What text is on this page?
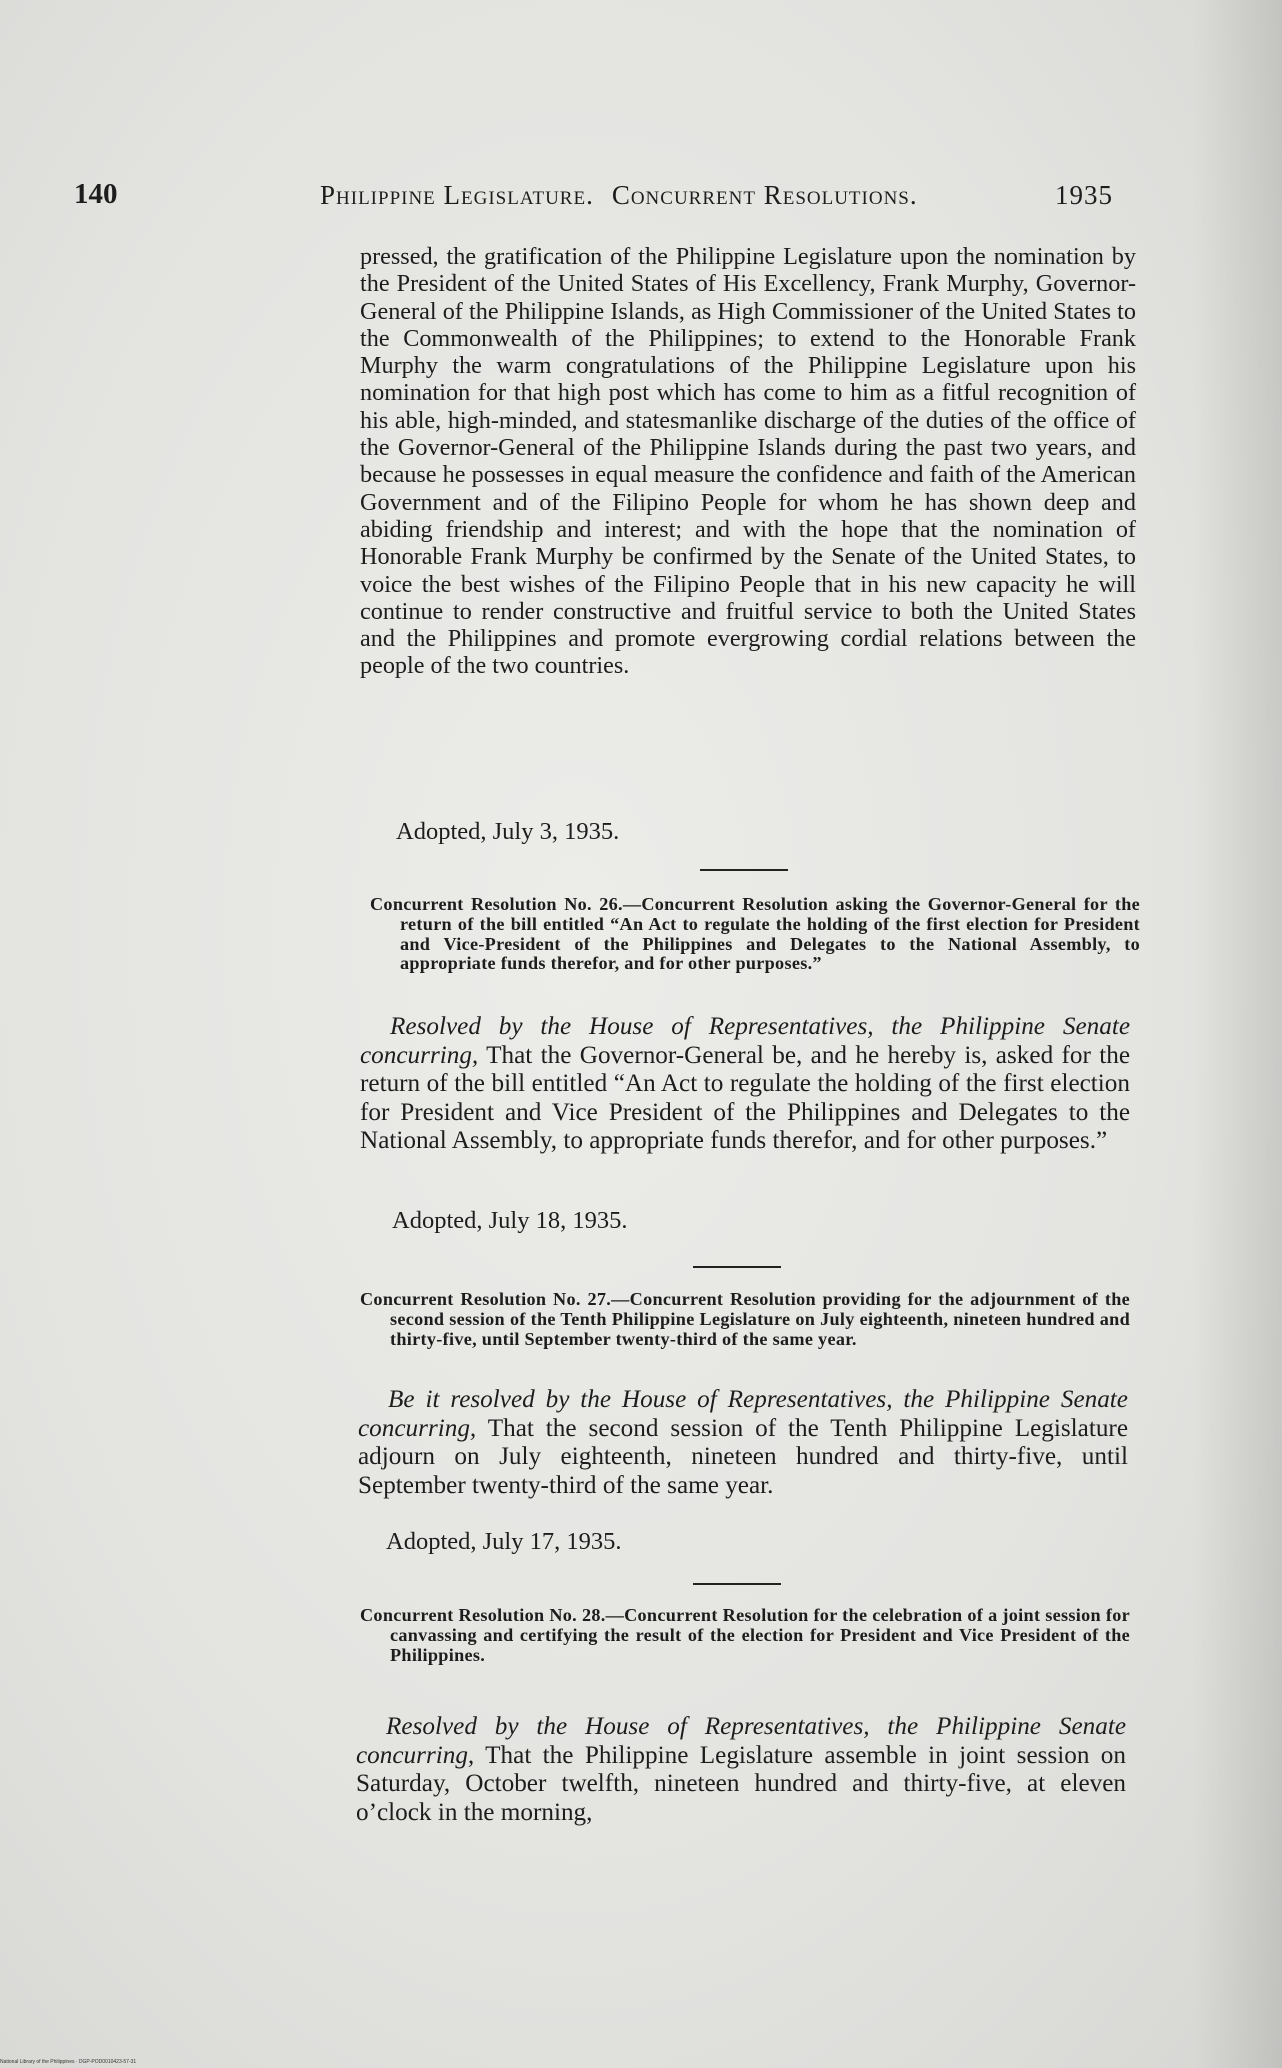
140	Philippine Legislature. Concurrent Resolutions.	1935

pressed, the gratification of the Philippine Legislature upon the nomination by the President of the United States of His Excellency, Frank Murphy, Governor-General of the Philippine Islands, as High Commissioner of the United States to the Commonwealth of the Philippines; to extend to the Honorable Frank Murphy the warm congratulations of the Philippine Legislature upon his nomination for that high post which has come to him as a fitful recognition of his able, high-minded, and statesmanlike discharge of the duties of the office of the Governor-General of the Philippine Islands during the past two years, and because he possesses in equal measure the confidence and faith of the American Government and of the Filipino People for whom he has shown deep and abiding friendship and interest; and with the hope that the nomination of Honorable Frank Murphy be confirmed by the Senate of the United States, to voice the best wishes of the Filipino People that in his new capacity he will continue to render constructive and fruitful service to both the United States and the Philippines and promote evergrowing cordial relations between the people of the two countries.

Adopted, July 3, 1935.
Concurrent Resolution No. 26.—Concurrent Resolution asking the Governor-General for the return of the bill entitled “An Act to regulate the holding of the first election for President and Vice-President of the Philippines and Delegates to the National Assembly, to appropriate funds therefor, and for other purposes.”
Resolved by the House of Representatives, the Philippine Senate concurring, That the Governor-General be, and he hereby is, asked for the return of the bill entitled “An Act to regulate the holding of the first election for President and Vice President of the Philippines and Delegates to the National Assembly, to appropriate funds therefor, and for other purposes.”
Adopted, July 18, 1935.
Concurrent Resolution No. 27.—Concurrent Resolution providing for the adjournment of the second session of the Tenth Philippine Legislature on July eighteenth, nineteen hundred and thirty-five, until September twenty-third of the same year.
Be it resolved by the House of Representatives, the Philippine Senate concurring, That the second session of the Tenth Philippine Legislature adjourn on July eighteenth, nineteen hundred and thirty-five, until September twenty-third of the same year.
Adopted, July 17, 1935.
Concurrent Resolution No. 28.—Concurrent Resolution for the celebration of a joint session for canvassing and certifying the result of the election for President and Vice President of the Philippines.
Resolved by the House of Representatives, the Philippine Senate concurring, That the Philippine Legislature assemble in joint session on Saturday, October twelfth, nineteen hundred and thirty-five, at eleven o’clock in the morning,
National Library of the Philippines · DGP-POD0010423-57-31
